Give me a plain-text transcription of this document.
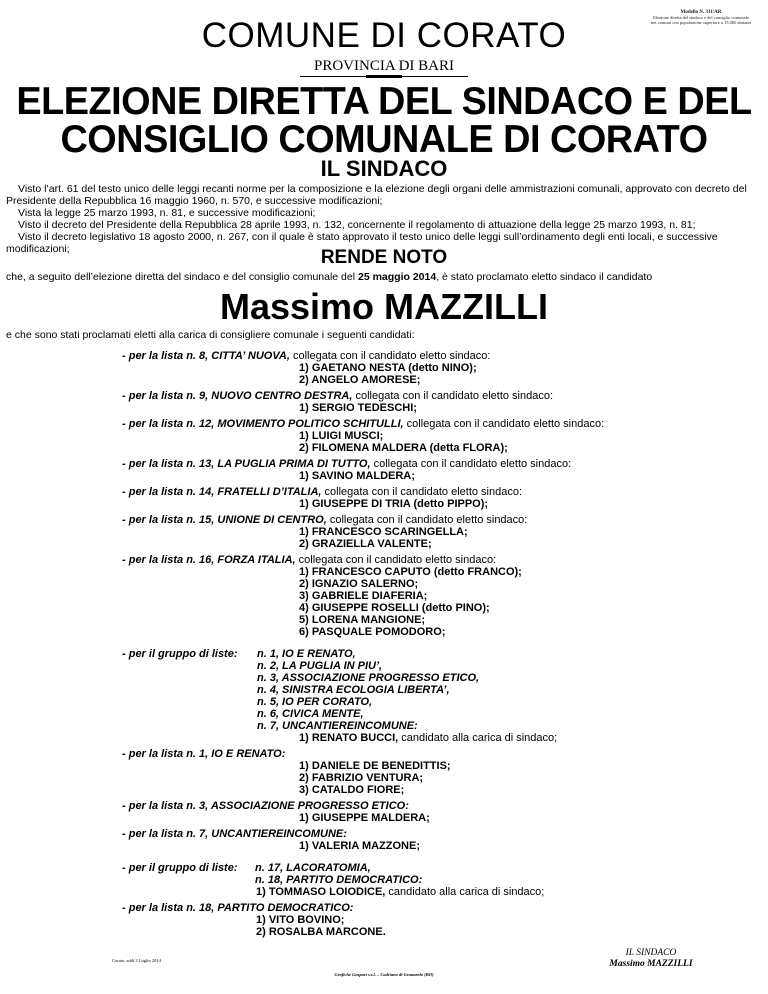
Modello N. 311/AR
Elezione diretta del sindaco e del consiglio comunale
nei comuni con popolazione superiore a 15.000 abitanti
COMUNE DI CORATO
PROVINCIA DI BARI
ELEZIONE DIRETTA DEL SINDACO E DEL
CONSIGLIO COMUNALE DI CORATO
IL SINDACO

Visto l’art. 61 del testo unico delle leggi recanti norme per la composizione e la elezione degli organi delle ammistrazioni comunali, approvato con decreto del Presidente della Repubblica 16 maggio 1960, n. 570, e successive modificazioni;

Vista la legge 25 marzo 1993, n. 81, e successive modificazioni;

Visto il decreto del Presidente della Repubblica 28 aprile 1993, n. 132, concernente il regolamento di attuazione della legge 25 marzo 1993, n. 81;

Visto il decreto legislativo 18 agosto 2000, n. 267, con il quale è stato approvato il testo unico delle leggi sull’ordinamento degli enti locali, e successive modificazioni;	RENDE NOTO
che, a seguito dell’elezione diretta del sindaco e del consiglio comunale del 25 maggio 2014, è stato proclamato eletto sindaco il candidato
Massimo MAZZILLI
e che sono stati proclamati eletti alla carica di consigliere comunale i seguenti candidati:
- per la lista n. 8, CITTA’ NUOVA, collegata con il candidato eletto sindaco:
1) GAETANO NESTA (detto NINO);
2) ANGELO AMORESE;
- per la lista n. 9, NUOVO CENTRO DESTRA, collegata con il candidato eletto sindaco:
1) SERGIO TEDESCHI;
- per la lista n. 12, MOVIMENTO POLITICO SCHITULLI, collegata con il candidato eletto sindaco:
1) LUIGI MUSCI;
2) FILOMENA MALDERA (detta FLORA);
- per la lista n. 13, LA PUGLIA PRIMA DI TUTTO, collegata con il candidato eletto sindaco:
1) SAVINO MALDERA;
- per la lista n. 14, FRATELLI D’ITALIA, collegata con il candidato eletto sindaco:
1) GIUSEPPE DI TRIA (detto PIPPO);
- per la lista n. 15, UNIONE DI CENTRO, collegata con il candidato eletto sindaco:
1) FRANCESCO SCARINGELLA;
2) GRAZIELLA VALENTE;
- per la lista n. 16, FORZA ITALIA, collegata con il candidato eletto sindaco:
1) FRANCESCO CAPUTO (detto FRANCO);
2) IGNAZIO SALERNO;
3) GABRIELE DIAFERIA;
4) GIUSEPPE ROSELLI (detto PINO);
5) LORENA MANGIONE;
6) PASQUALE POMODORO;
- per il gruppo di liste:	n. 1, IO E RENATO,
n. 2, LA PUGLIA IN PIU’,
n. 3, ASSOCIAZIONE PROGRESSO ETICO,
n. 4, SINISTRA ECOLOGIA LIBERTA’,
n. 5, IO PER CORATO,
n. 6, CIVICA MENTE,
n. 7, UNCANTIEREINCOMUNE:
1) RENATO BUCCI, candidato alla carica di sindaco;
- per la lista n. 1, IO E RENATO:
1) DANIELE DE BENEDITTIS;
2) FABRIZIO VENTURA;
3) CATALDO FIORE;
- per la lista n. 3, ASSOCIAZIONE PROGRESSO ETICO:
1) GIUSEPPE MALDERA;
- per la lista n. 7, UNCANTIEREINCOMUNE:
1) VALERIA MAZZONE;
- per il gruppo di liste:	n. 17, LACORATOMIA,
n. 18, PARTITO DEMOCRATICO:
1) TOMMASO LOIODICE, candidato alla carica di sindaco;
- per la lista n. 18, PARTITO DEMOCRATICO:
1) VITO BOVINO;
2) ROSALBA MARCONE.
Corato, addì 3 Luglio 2014
IL SINDACO
Massimo MAZZILLI
Grafiche Gaspari s.r.l. – Cadriano di Granarolo (BO)
